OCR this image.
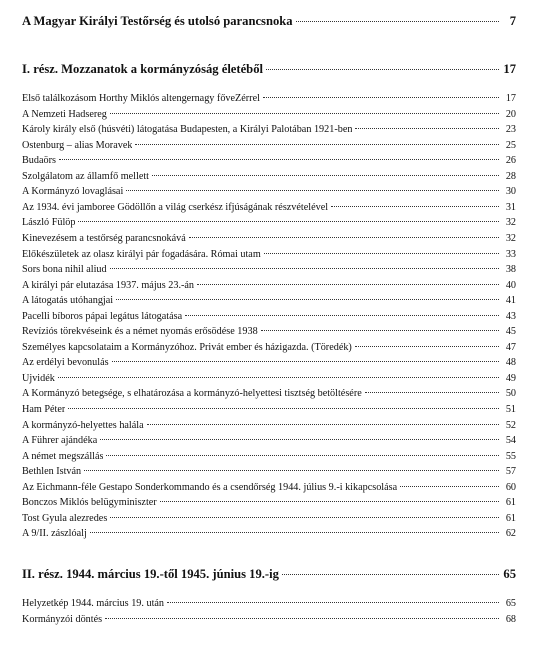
A Magyar Királyi Testőrség és utolsó parancsnoka	7
I. rész. Mozzanatok a kormányzóság életéből	17
Első találkozásom Horthy Miklós altengernagy főveZérrel	17
A Nemzeti Hadsereg	20
Károly király első (húsvéti) látogatása Budapesten, a Királyi Palotában 1921-ben	23
Ostenburg – alias Moravek	25
Budaörs	26
Szolgálatom az államfő mellett	28
A Kormányzó lovaglásai	30
Az 1934. évi jamboree Gödöllőn a világ cserkész ifjúságának részvételével	31
László Fülöp	32
Kinevezésem a testőrség parancsnokává	32
Előkészületek az olasz királyi pár fogadására. Római utam	33
Sors bona nihil aliud	38
A királyi pár elutazása 1937. május 23.-án	40
A látogatás utóhangjai	41
Pacelli bíboros pápai legátus látogatása	43
Revíziós törekvéseink és a német nyomás erősödése 1938	45
Személyes kapcsolataim a Kormányzóhoz. Privát ember és házigazda. (Töredék)	47
Az erdélyi bevonulás	48
Újvidék	49
A Kormányzó betegsége, s elhatározása a kormányzó-helyettesi tisztség betöltésére	50
Ham Péter	51
A kormányzó-helyettes halála	52
A Führer ajándéka	54
A német megszállás	55
Bethlen István	57
Az Eichmann-féle Gestapo Sonderkommando és a csendőrség 1944. július 9.-i kikapcsolása	60
Bonczos Miklós belügyminiszter	61
Tost Gyula alezredes	61
A 9/II. zászlóalj	62
II. rész. 1944. március 19.-től 1945. június 19.-ig	65
Helyzetkép 1944. március 19. után	65
Kormányzói döntés	68
